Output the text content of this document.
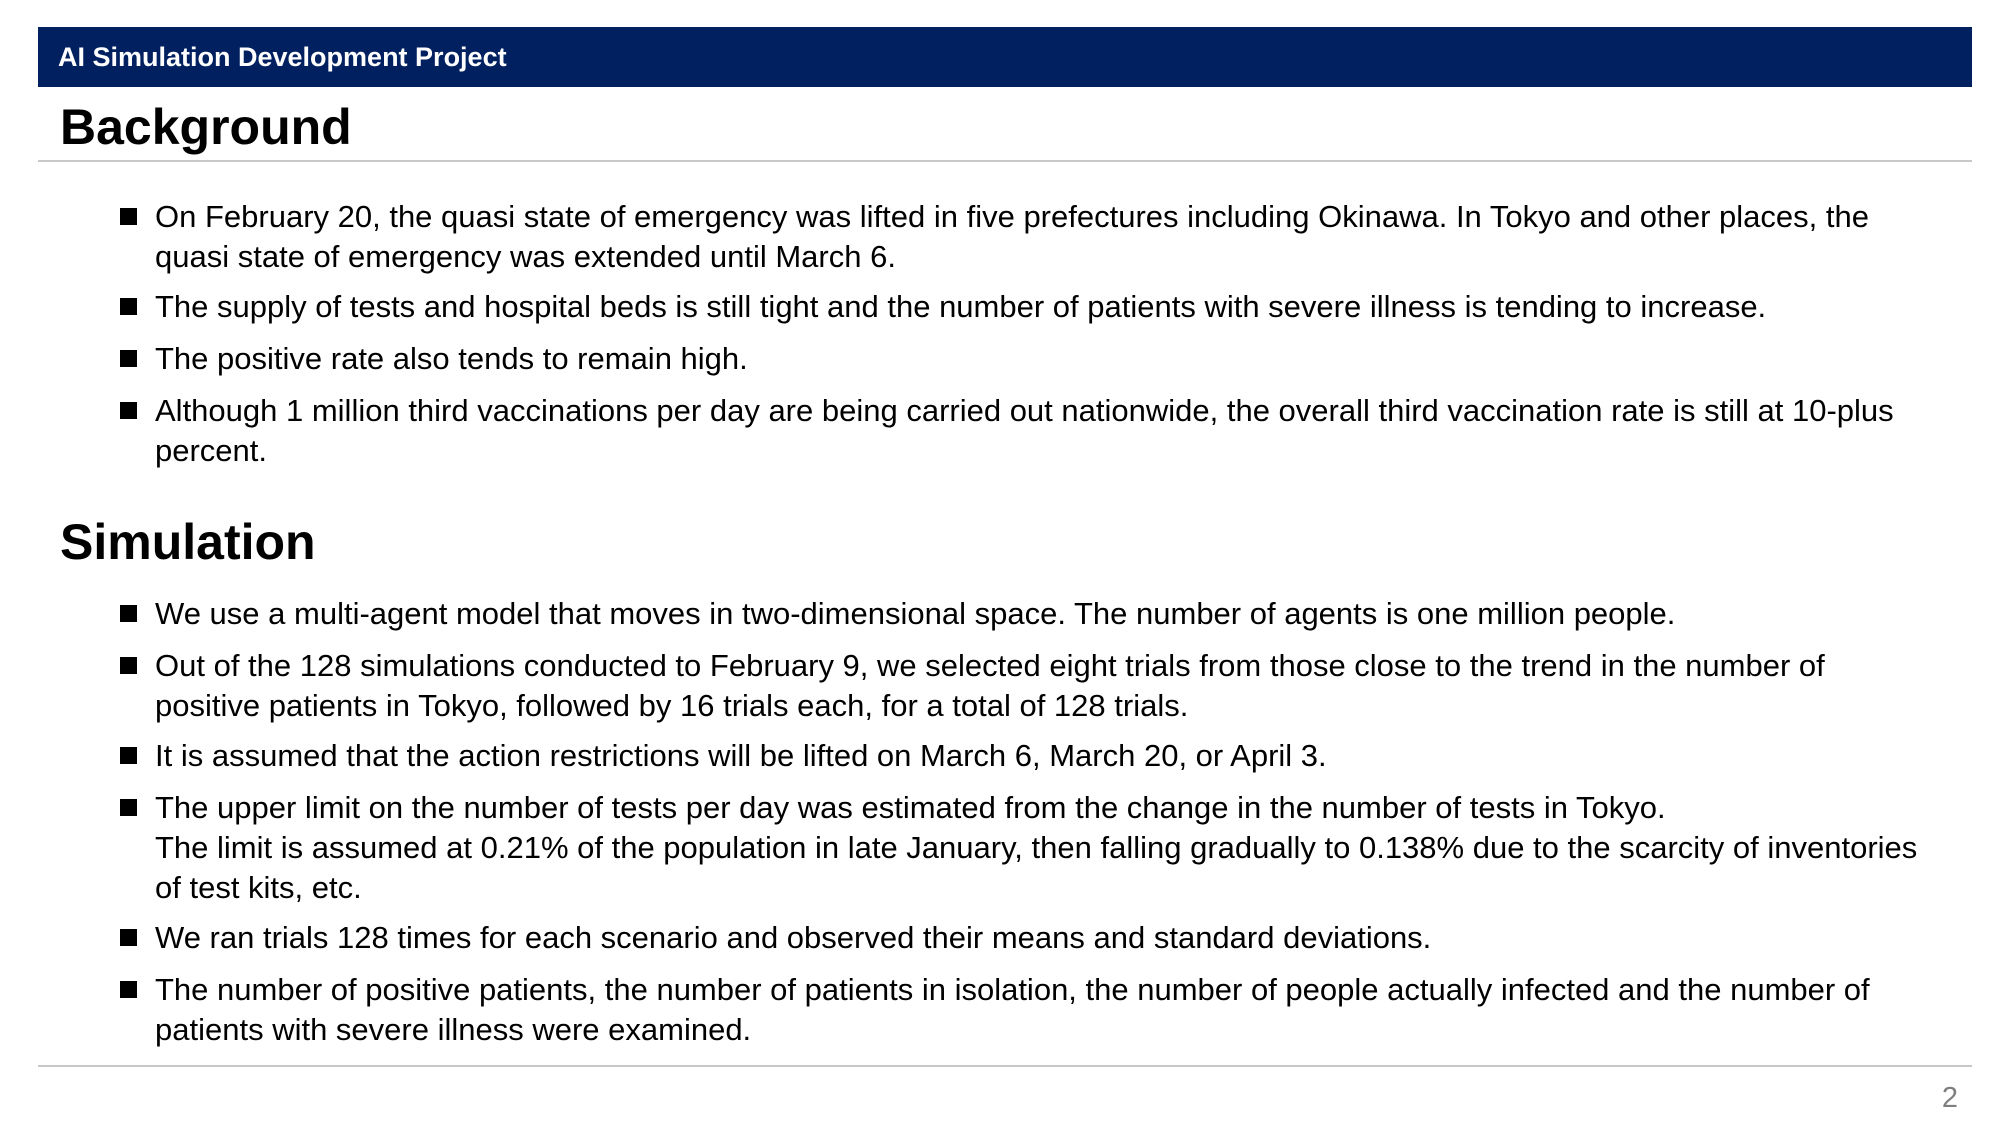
AI Simulation Development Project
Background
On February 20, the quasi state of emergency was lifted in five prefectures including Okinawa. In Tokyo and other places, the quasi state of emergency was extended until March 6.
The supply of tests and hospital beds is still tight and the number of patients with severe illness is tending to increase.
The positive rate also tends to remain high.
Although 1 million third vaccinations per day are being carried out nationwide, the overall third vaccination rate is still at 10-plus percent.
Simulation
We use a multi-agent model that moves in two-dimensional space. The number of agents is one million people.
Out of the 128 simulations conducted to February 9, we selected eight trials from those close to the trend in the number of positive patients in Tokyo, followed by 16 trials each, for a total of 128 trials.
It is assumed that the action restrictions will be lifted on March 6, March 20, or April 3.
The upper limit on the number of tests per day was estimated from the change in the number of tests in Tokyo.
The limit is assumed at 0.21% of the population in late January, then falling gradually to 0.138% due to the scarcity of inventories of test kits, etc.
We ran trials 128 times for each scenario and observed their means and standard deviations.
The number of positive patients, the number of patients in isolation, the number of people actually infected and the number of patients with severe illness were examined.
2
